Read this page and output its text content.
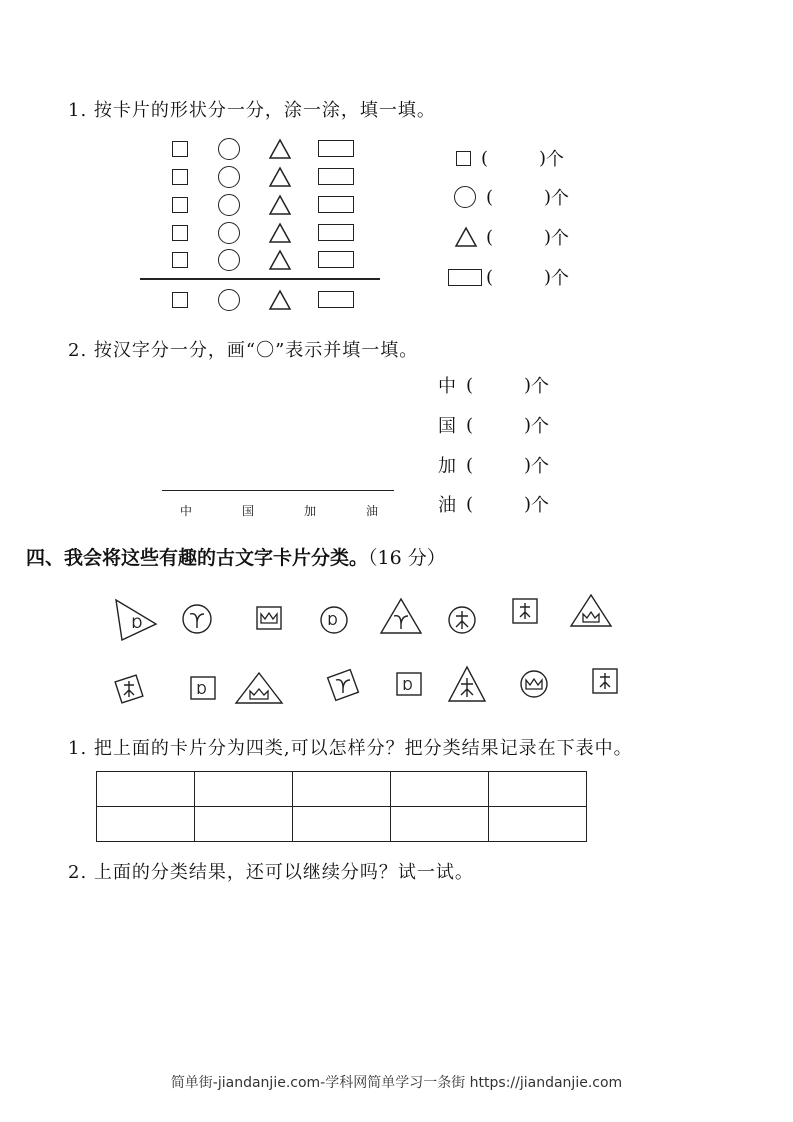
1. 按卡片的形状分一分，涂一涂，填一填。
(	) 个
(	) 个
(	) 个
(	) 个
2. 按汉字分一分，画“〇”表示并填一填。
中	国	加	油
中 (	) 个
国 (	) 个
加 (	) 个
油 (	) 个
四、我会将这些有趣的古文字卡片分类。（16 分）
Ɒ	Ɒ
Ɒ	Ɒ
1. 把上面的卡片分为四类,可以怎样分？把分类结果记录在下表中。

2. 上面的分类结果，还可以继续分吗？试一试。
简单街-jiandanjie.com-学科网简单学习一条街 https://jiandanjie.com
